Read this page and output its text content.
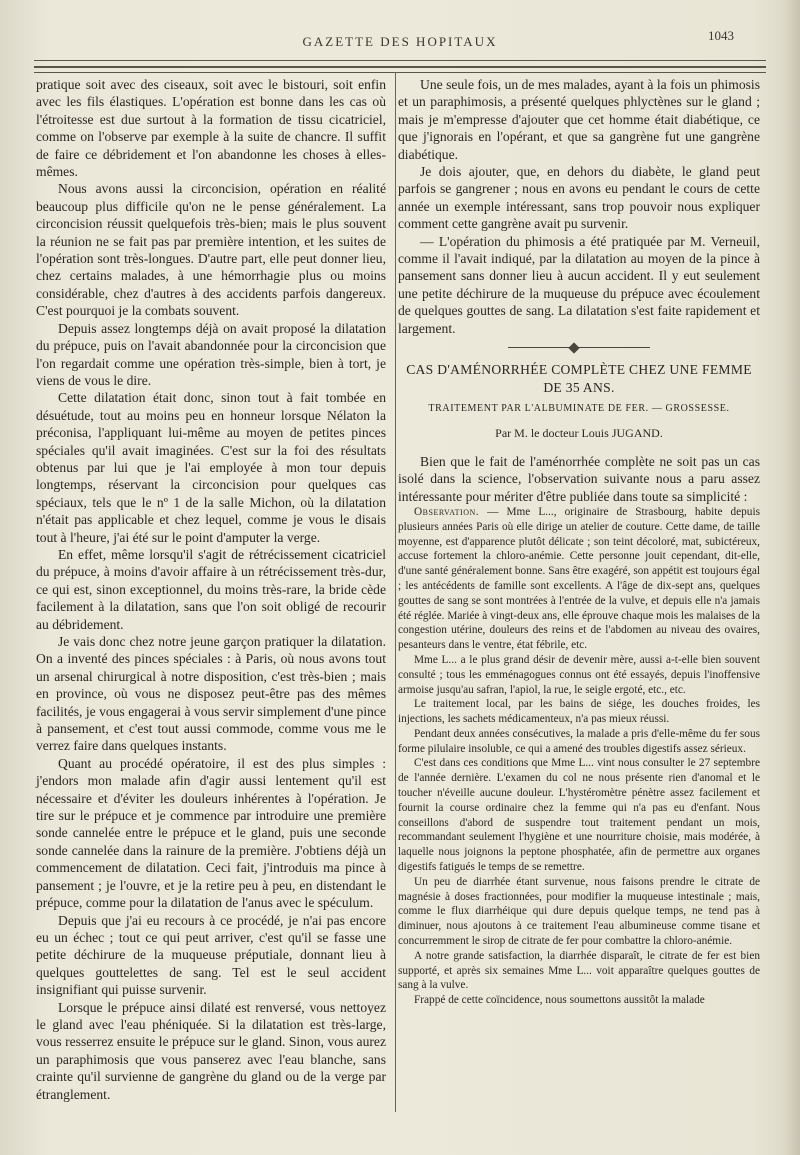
GAZETTE DES HOPITAUX	1043

pratique soit avec des ciseaux, soit avec le bistouri, soit enfin avec les fils élastiques. L'opération est bonne dans les cas où l'étroitesse est due surtout à la formation de tissu cicatriciel, comme on l'observe par exemple à la suite de chancre. Il suffit de faire ce débridement et l'on abandonne les choses à elles-mêmes.

Nous avons aussi la circoncision, opération en réalité beaucoup plus difficile qu'on ne le pense généralement. La circoncision réussit quelquefois très-bien; mais le plus souvent la réunion ne se fait pas par première intention, et les suites de l'opération sont très-longues. D'autre part, elle peut donner lieu, chez certains malades, à une hémorrhagie plus ou moins considérable, chez d'autres à des accidents parfois dangereux. C'est pourquoi je la combats souvent.

Depuis assez longtemps déjà on avait proposé la dilatation du prépuce, puis on l'avait abandonnée pour la circoncision que l'on regardait comme une opération très-simple, bien à tort, je viens de vous le dire.

Cette dilatation était donc, sinon tout à fait tombée en désuétude, tout au moins peu en honneur lorsque Nélaton la préconisa, l'appliquant lui-même au moyen de petites pinces spéciales qu'il avait imaginées. C'est sur la foi des résultats obtenus par lui que je l'ai employée à mon tour depuis longtemps, réservant la circoncision pour quelques cas spéciaux, tels que le nº 1 de la salle Michon, où la dilatation n'était pas applicable et chez lequel, comme je vous le disais tout à l'heure, j'ai été sur le point d'amputer la verge.

En effet, même lorsqu'il s'agit de rétrécissement cicatriciel du prépuce, à moins d'avoir affaire à un rétrécissement très-dur, ce qui est, sinon exceptionnel, du moins très-rare, la bride cède facilement à la dilatation, sans que l'on soit obligé de recourir au débridement.

Je vais donc chez notre jeune garçon pratiquer la dilatation. On a inventé des pinces spéciales : à Paris, où nous avons tout un arsenal chirurgical à notre disposition, c'est très-bien ; mais en province, où vous ne disposez peut-être pas des mêmes facilités, je vous engagerai à vous servir simplement d'une pince à pansement, et c'est tout aussi commode, comme vous me le verrez faire dans quelques instants.

Quant au procédé opératoire, il est des plus simples : j'endors mon malade afin d'agir aussi lentement qu'il est nécessaire et d'éviter les douleurs inhérentes à l'opération. Je tire sur le prépuce et je commence par introduire une première sonde cannelée entre le prépuce et le gland, puis une seconde sonde cannelée dans la rainure de la première. J'obtiens déjà un commencement de dilatation. Ceci fait, j'introduis ma pince à pansement ; je l'ouvre, et je la retire peu à peu, en distendant le prépuce, comme pour la dilatation de l'anus avec le spéculum.

Depuis que j'ai eu recours à ce procédé, je n'ai pas encore eu un échec ; tout ce qui peut arriver, c'est qu'il se fasse une petite déchirure de la muqueuse préputiale, donnant lieu à quelques gouttelettes de sang. Tel est le seul accident insignifiant qui puisse survenir.

Lorsque le prépuce ainsi dilaté est renversé, vous nettoyez le gland avec l'eau phéniquée. Si la dilatation est très-large, vous resserrez ensuite le prépuce sur le gland. Sinon, vous aurez un paraphimosis que vous panserez avec l'eau blanche, sans crainte qu'il survienne de gangrène du gland ou de la verge par étranglement.

Une seule fois, un de mes malades, ayant à la fois un phimosis et un paraphimosis, a présenté quelques phlyctènes sur le gland ; mais je m'empresse d'ajouter que cet homme était diabétique, ce que j'ignorais en l'opérant, et que sa gangrène fut une gangrène diabétique.

Je dois ajouter, que, en dehors du diabète, le gland peut parfois se gangrener ; nous en avons eu pendant le cours de cette année un exemple intéressant, sans trop pouvoir nous expliquer comment cette gangrène avait pu survenir.

— L'opération du phimosis a été pratiquée par M. Verneuil, comme il l'avait indiqué, par la dilatation au moyen de la pince à pansement sans donner lieu à aucun accident. Il y eut seulement une petite déchirure de la muqueuse du prépuce avec écoulement de quelques gouttes de sang. La dilatation s'est faite rapidement et largement.

CAS D'AMÉNORRHÉE COMPLÈTE CHEZ UNE FEMME DE 35 ANS.
TRAITEMENT PAR L'ALBUMINATE DE FER. — GROSSESSE.
Par M. le docteur Louis JUGAND.

Bien que le fait de l'aménorrhée complète ne soit pas un cas isolé dans la science, l'observation suivante nous a paru assez intéressante pour mériter d'être publiée dans toute sa simplicité :

Observation. — Mme L..., originaire de Strasbourg, habite depuis plusieurs années Paris où elle dirige un atelier de couture. Cette dame, de taille moyenne, est d'apparence plutôt délicate ; son teint décoloré, mat, subictéreux, accuse fortement la chloro-anémie. Cette personne jouit cependant, dit-elle, d'une santé généralement bonne. Sans être exagéré, son appétit est toujours égal ; les antécédents de famille sont excellents. A l'âge de dix-sept ans, quelques gouttes de sang se sont montrées à l'entrée de la vulve, et depuis elle n'a jamais été réglée. Mariée à vingt-deux ans, elle éprouve chaque mois les malaises de la congestion utérine, douleurs des reins et de l'abdomen au niveau des ovaires, pesanteurs dans le ventre, état fébrile, etc.

Mme L... a le plus grand désir de devenir mère, aussi a-t-elle bien souvent consulté ; tous les emménagogues connus ont été essayés, depuis l'inoffensive armoise jusqu'au safran, l'apiol, la rue, le seigle ergoté, etc., etc.

Le traitement local, par les bains de siége, les douches froides, les injections, les sachets médicamenteux, n'a pas mieux réussi.

Pendant deux années consécutives, la malade a pris d'elle-même du fer sous forme pilulaire insoluble, ce qui a amené des troubles digestifs assez sérieux.

C'est dans ces conditions que Mme L... vint nous consulter le 27 septembre de l'année dernière. L'examen du col ne nous présente rien d'anomal et le toucher n'éveille aucune douleur. L'hystéromètre pénètre assez facilement et fournit la course ordinaire chez la femme qui n'a pas eu d'enfant. Nous conseillons d'abord de suspendre tout traitement pendant un mois, recommandant seulement l'hygiène et une nourriture choisie, mais modérée, à laquelle nous joignons la peptone phosphatée, afin de permettre aux organes digestifs fatigués le temps de se remettre.

Un peu de diarrhée étant survenue, nous faisons prendre le citrate de magnésie à doses fractionnées, pour modifier la muqueuse intestinale ; mais, comme le flux diarrhéique qui dure depuis quelque temps, ne tend pas à diminuer, nous ajoutons à ce traitement l'eau albumineuse comme tisane et concurremment le sirop de citrate de fer pour combattre la chloro-anémie.

A notre grande satisfaction, la diarrhée disparaît, le citrate de fer est bien supporté, et après six semaines Mme L... voit apparaître quelques gouttes de sang à la vulve.

Frappé de cette coïncidence, nous soumettons aussitôt la malade
